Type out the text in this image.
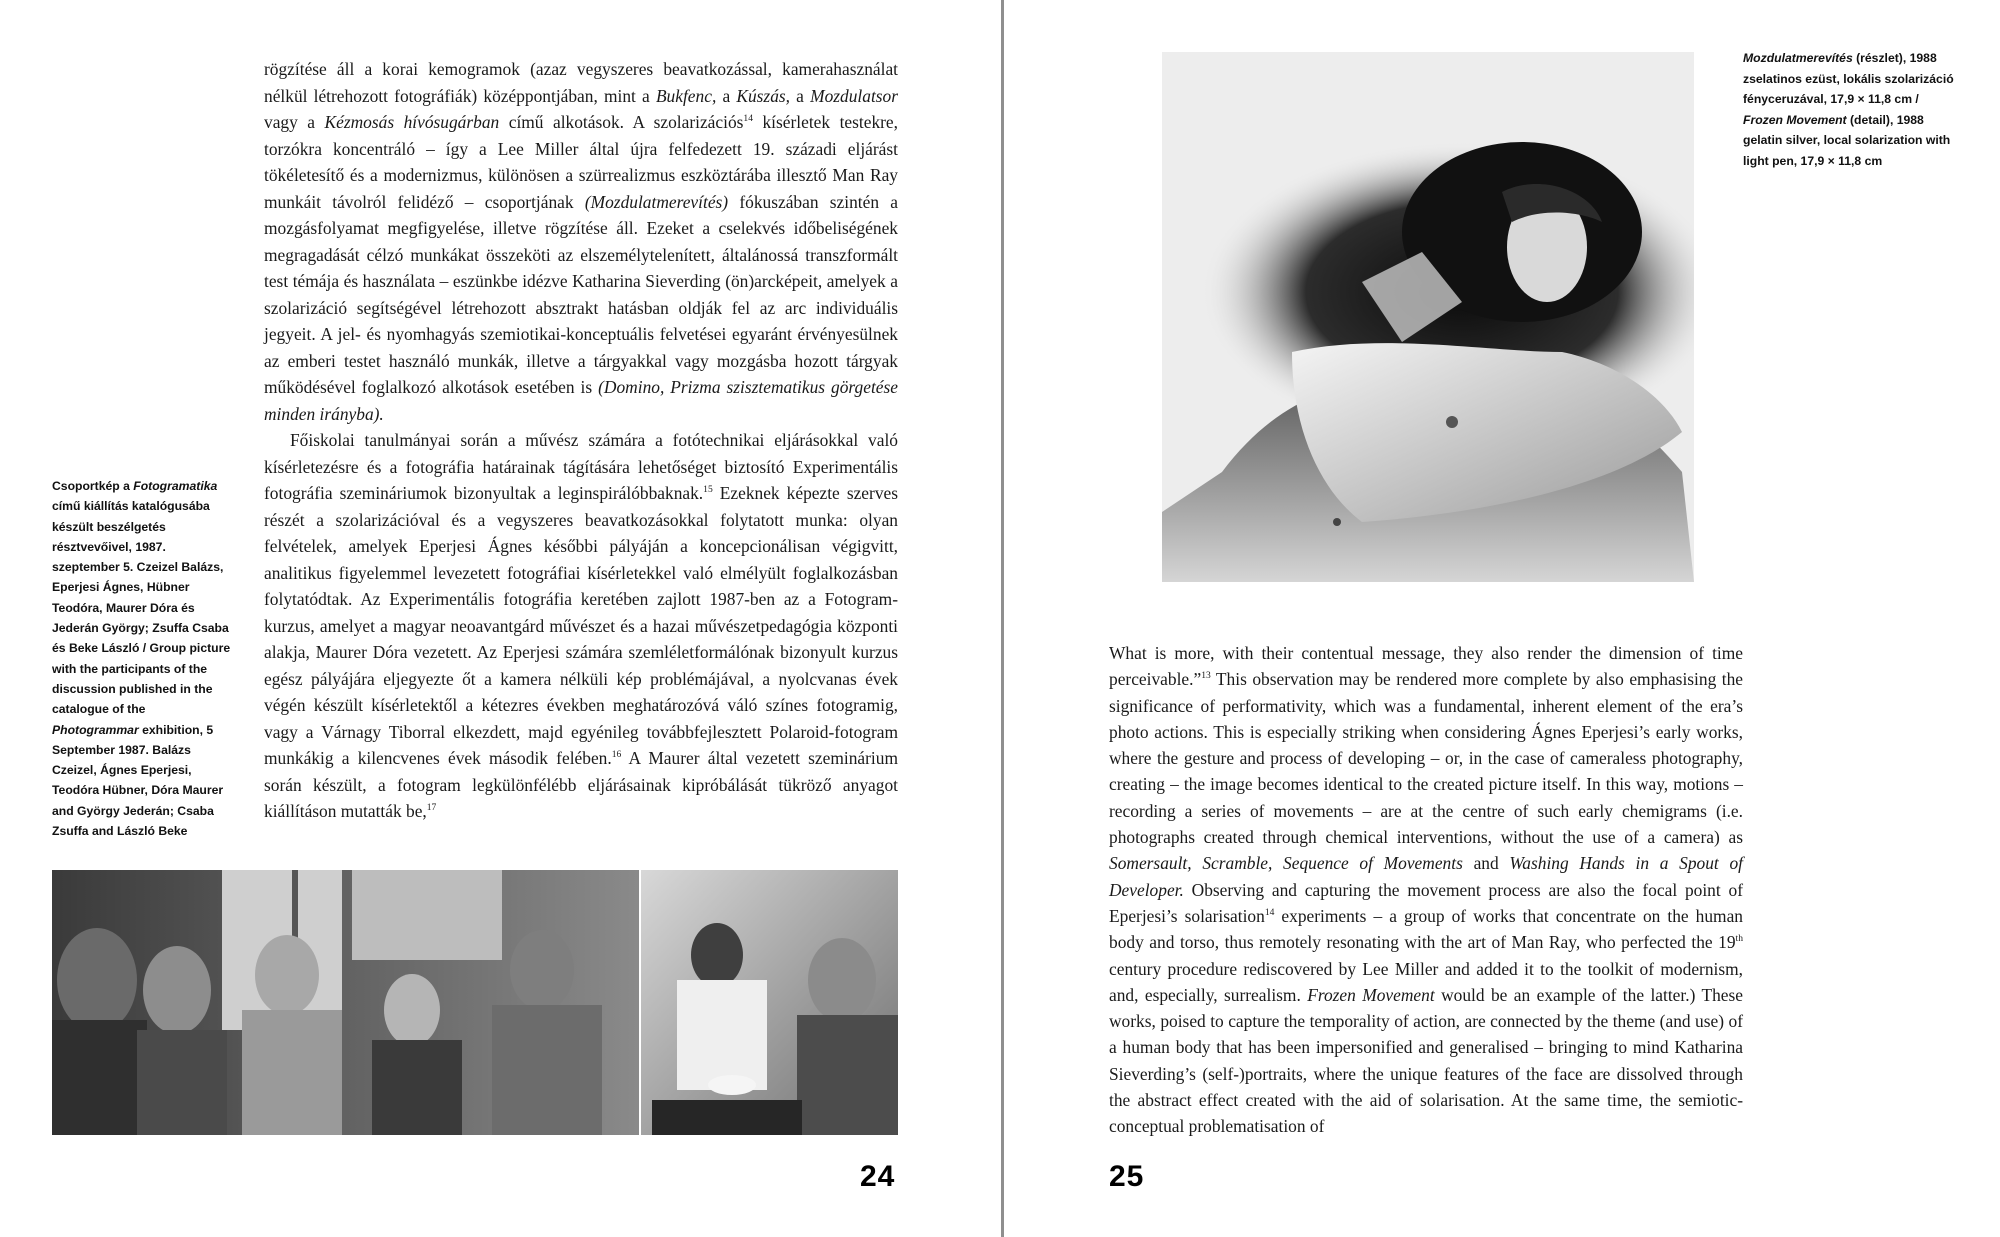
rögzítése áll a korai kemogramok (azaz vegyszeres beavatkozással, kamerahasználat nélkül létrehozott fotográfiák) középpontjában, mint a Bukfenc, a Kúszás, a Mozdulatsor vagy a Kézmosás hívósugárban című alkotások. A szolarizációs$^{14}$ kísérletek testekre, torzókra koncentráló – így a Lee Miller által újra felfedezett 19. századi eljárást tökéletesítő és a modernizmus, különösen a szürrealizmus eszköztárába illesztő Man Ray munkáit távolról felidéző – csoportjának (Mozdulatmerevítés) fókuszában szintén a mozgásfolyamat megfigyelése, illetve rögzítése áll. Ezeket a cselekvés időbeliségének megragadását célzó munkákat összeköti az elszemélytelenített, általánossá transzformált test témája és használata – eszünkbe idézve Katharina Sieverding (ön)arcképeit, amelyek a szolarizáció segítségével létrehozott absztrakt hatásban oldják fel az arc individuális jegyeit. A jel- és nyomhagyás szemiotikai-konceptuális felvetései egyaránt érvényesülnek az emberi testet használó munkák, illetve a tárgyakkal vagy mozgásba hozott tárgyak működésével foglalkozó alkotások esetében is (Domino, Prizma szisztematikus görgetése minden irányba).

Főiskolai tanulmányai során a művész számára a fotótechnikai eljárásokkal való kísérletezésre és a fotográfia határainak tágítására lehetőséget biztosító Experimentális fotográfia szemináriumok bizonyultak a leginspirálóbbaknak.$^{15}$ Ezeknek képezte szerves részét a szolarizációval és a vegyszeres beavatkozásokkal folytatott munka: olyan felvételek, amelyek Eperjesi Ágnes későbbi pályáján a koncepcionálisan végigvitt, analitikus figyelemmel levezetett fotográfiai kísérletekkel való elmélyült foglalkozásban folytatódtak. Az Experimentális fotográfia keretében zajlott 1987-ben az a Fotogram-kurzus, amelyet a magyar neoavantgárd művészet és a hazai művészetpedagógia központi alakja, Maurer Dóra vezetett. Az Eperjesi számára szemléletformálónak bizonyult kurzus egész pályájára eljegyezte őt a kamera nélküli kép problémájával, a nyolcvanas évek végén készült kísérletektől a kétezres években meghatározóvá váló színes fotogramig, vagy a Várnagy Tiborral elkezdett, majd egyénileg továbbfejlesztett Polaroid-fotogram munkákig a kilencvenes évek második felében.$^{16}$ A Maurer által vezetett szeminárium során készült, a fotogram legkülönfélébb eljárásainak kipróbálását tükröző anyagot kiállításon mutatták be,$^{17}$

Csoportkép a Fotogramatika című kiállítás katalógusába készült beszélgetés résztvevőivel, 1987. szeptember 5. Czeizel Balázs, Eperjesi Ágnes, Hübner Teodóra, Maurer Dóra és Jederán György; Zsuffa Csaba és Beke László / Group picture with the participants of the discussion published in the catalogue of the Photogrammar exhibition, 5 September 1987. Balázs Czeizel, Ágnes Eperjesi, Teodóra Hübner, Dóra Maurer and György Jederán; Csaba Zsuffa and László Beke
24
Mozdulatmerevítés (részlet), 1988 zselatinos ezüst, lokális szolarizáció fényceruzával, 17,9 × 11,8 cm / Frozen Movement (detail), 1988 gelatin silver, local solarization with light pen, 17,9 × 11,8 cm

What is more, with their contentual message, they also render the dimension of time perceivable.”$^{13}$ This observation may be rendered more complete by also emphasising the significance of performativity, which was a fundamental, inherent element of the era’s photo actions. This is especially striking when considering Ágnes Eperjesi’s early works, where the gesture and process of developing – or, in the case of cameraless photography, creating – the image becomes identical to the created picture itself. In this way, motions – recording a series of movements – are at the centre of such early chemigrams (i.e. photographs created through chemical interventions, without the use of a camera) as Somersault, Scramble, Sequence of Movements and Washing Hands in a Spout of Developer. Observing and capturing the movement process are also the focal point of Eperjesi’s solarisation$^{14}$ experiments – a group of works that concentrate on the human body and torso, thus remotely resonating with the art of Man Ray, who perfected the 19th century procedure rediscovered by Lee Miller and added it to the toolkit of modernism, and, especially, surrealism. Frozen Movement would be an example of the latter.) These works, poised to capture the temporality of action, are connected by the theme (and use) of a human body that has been impersonified and generalised – bringing to mind Katharina Sieverding’s (self-)portraits, where the unique features of the face are dissolved through the abstract effect created with the aid of solarisation. At the same time, the semiotic-conceptual problematisation of

25
